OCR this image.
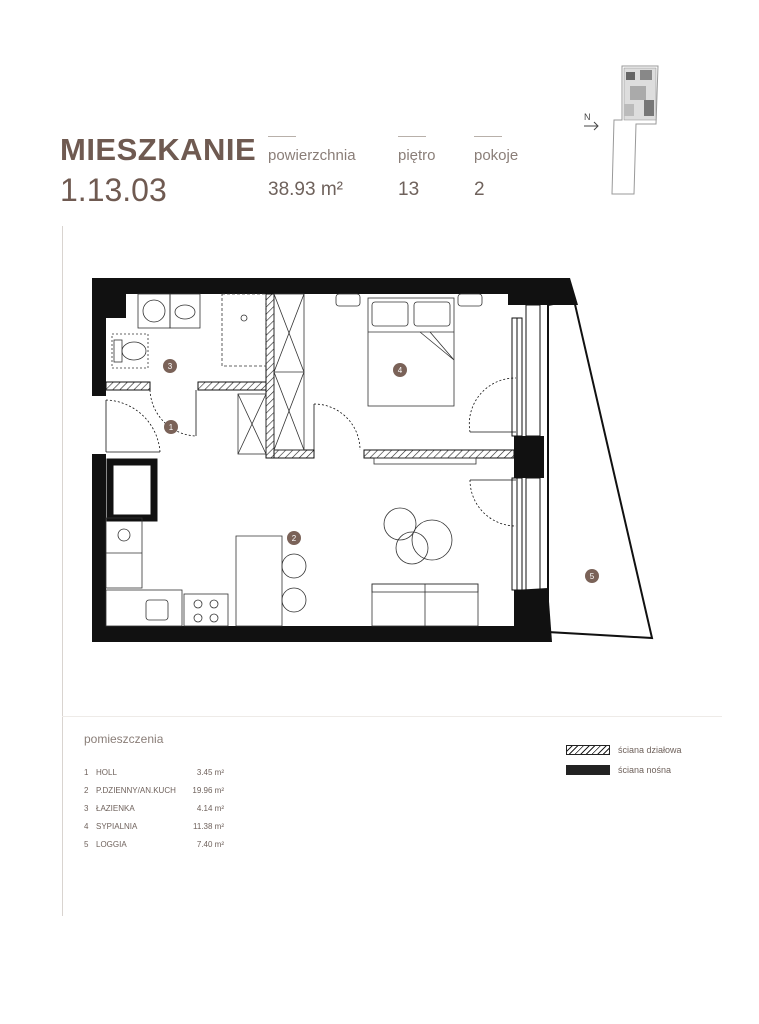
MIESZKANIE
1.13.03
powierzchnia
38.93 m²
piętro
13
pokoje
2
N
1
2
3	4
5
pomieszczenia
1 HOLL	3.45 m²
2 P.DZIENNY/AN.KUCH 19.96 m²
3 ŁAZIENKA	4.14 m²
4 SYPIALNIA	11.38 m²
5 LOGGIA	7.40 m²
ściana działowa
ściana nośna
